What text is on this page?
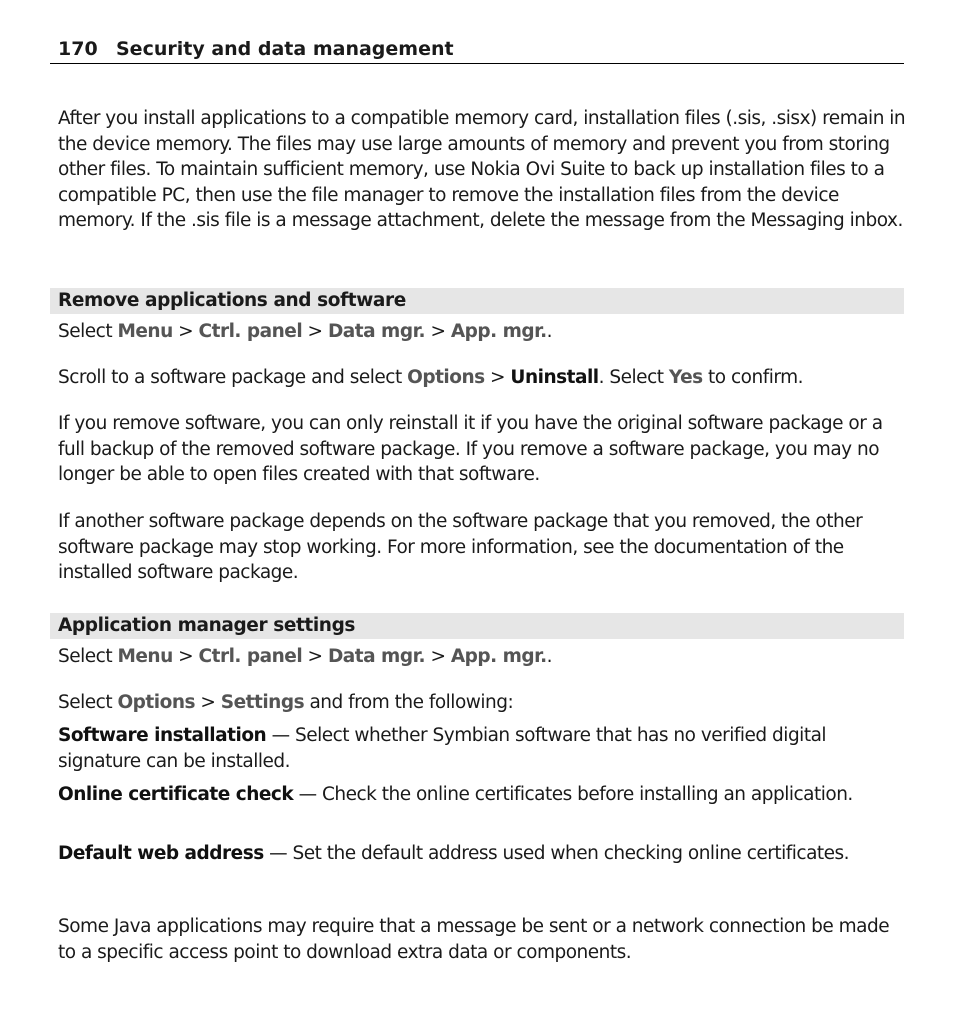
170 Security and data management

After you install applications to a compatible memory card, installation files (.sis, .sisx) remain in the device memory. The files may use large amounts of memory and prevent you from storing other files. To maintain sufficient memory, use Nokia Ovi Suite to back up installation files to a compatible PC, then use the file manager to remove the installation files from the device memory. If the .sis file is a message attachment, delete the message from the Messaging inbox.

Remove applications and software

Select Menu > Ctrl. panel > Data mgr. > App. mgr..

Scroll to a software package and select Options > Uninstall. Select Yes to confirm.

If you remove software, you can only reinstall it if you have the original software package or a full backup of the removed software package. If you remove a software package, you may no longer be able to open files created with that software.

If another software package depends on the software package that you removed, the other software package may stop working. For more information, see the documentation of the installed software package.

Application manager settings

Select Menu > Ctrl. panel > Data mgr. > App. mgr..

Select Options > Settings and from the following:

Software installation — Select whether Symbian software that has no verified digital signature can be installed.

Online certificate check — Check the online certificates before installing an application.

Default web address — Set the default address used when checking online certificates.

Some Java applications may require that a message be sent or a network connection be made to a specific access point to download extra data or components.
